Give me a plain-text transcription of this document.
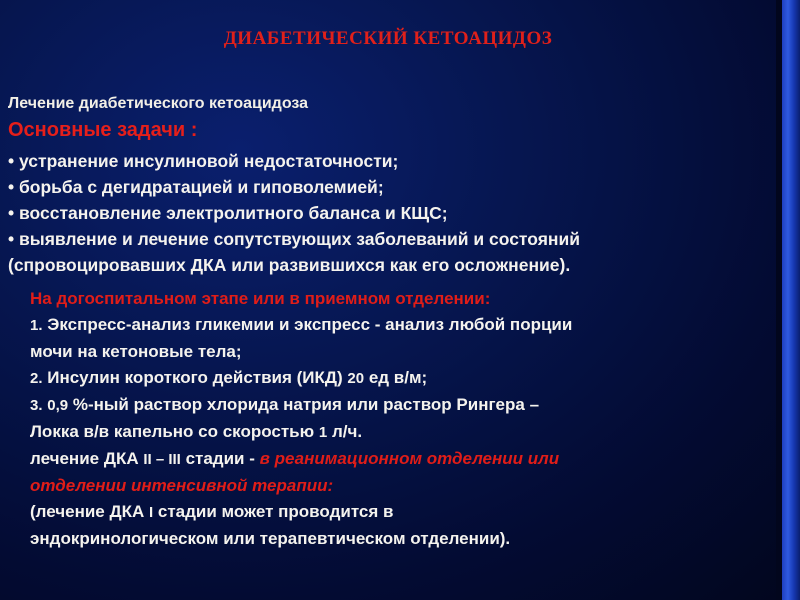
ДИАБЕТИЧЕСКИЙ КЕТОАЦИДОЗ
Лечение диабетического кетоацидоза
Основные задачи :
• устранение инсулиновой недостаточности;
• борьба с дегидратацией и гиповолемией;
• восстановление электролитного баланса и КЩС;
• выявление и лечение сопутствующих заболеваний и состояний
(спровоцировавших ДКА или развившихся как его осложнение).
На догоспитальном этапе или в приемном отделении:
1. Экспресс-анализ гликемии и экспресс - анализ любой порции
мочи на кетоновые тела;
2. Инсулин короткого действия (ИКД) 20 ед в/м;
3. 0,9 %-ный раствор хлорида натрия или раствор Рингера –
Локка в/в капельно со скоростью 1 л/ч.
лечение ДКА II – III стадии - в реанимационном отделении или
отделении интенсивной терапии:
(лечение ДКА I стадии может проводится в
эндокринологическом или терапевтическом отделении).
